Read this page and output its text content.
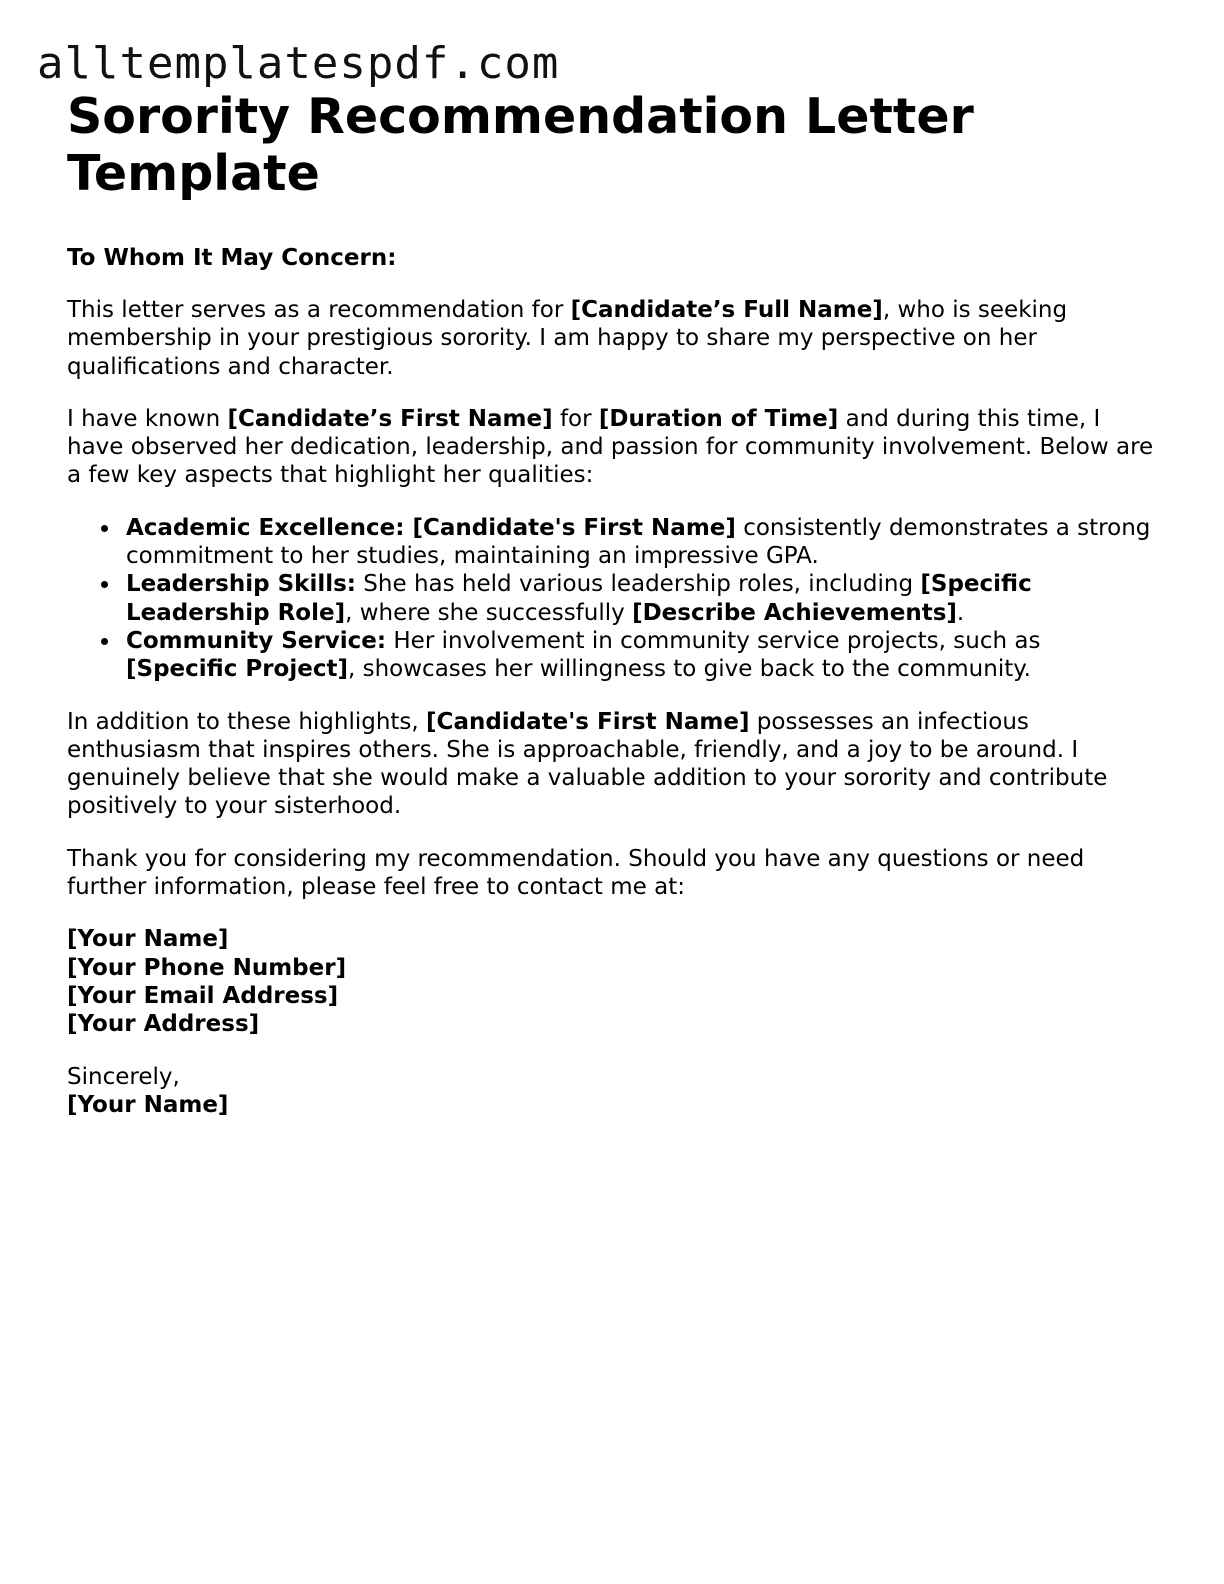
alltemplatespdf.com
Sorority Recommendation Letter Template

To Whom It May Concern:

This letter serves as a recommendation for [Candidate’s Full Name], who is seeking membership in your prestigious sorority. I am happy to share my perspective on her qualifications and character.

I have known [Candidate’s First Name] for [Duration of Time] and during this time, I have observed her dedication, leadership, and passion for community involvement. Below are a few key aspects that highlight her qualities:

Academic Excellence: [Candidate's First Name] consistently demonstrates a strong commitment to her studies, maintaining an impressive GPA.
Leadership Skills: She has held various leadership roles, including [Specific Leadership Role], where she successfully [Describe Achievements].
Community Service: Her involvement in community service projects, such as [Specific Project], showcases her willingness to give back to the community.

In addition to these highlights, [Candidate's First Name] possesses an infectious enthusiasm that inspires others. She is approachable, friendly, and a joy to be around. I genuinely believe that she would make a valuable addition to your sorority and contribute positively to your sisterhood.

Thank you for considering my recommendation. Should you have any questions or need further information, please feel free to contact me at:

[Your Name]
[Your Phone Number]
[Your Email Address]
[Your Address]
Sincerely,
[Your Name]
